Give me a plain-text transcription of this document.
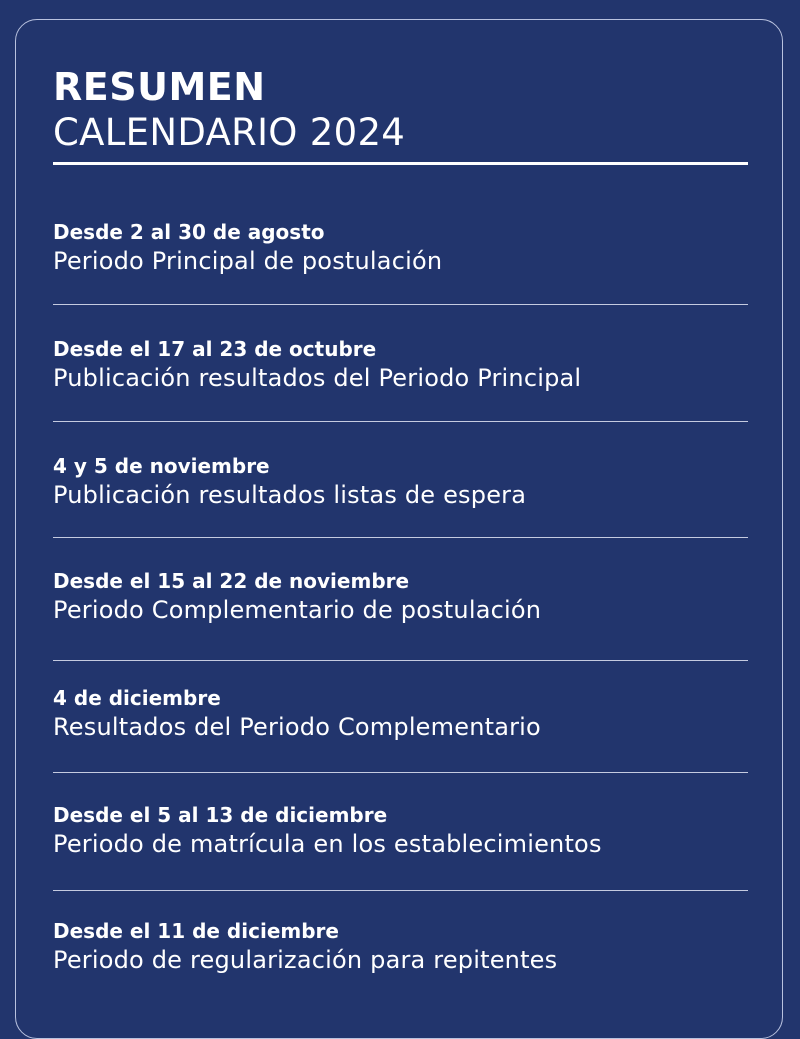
RESUMEN
CALENDARIO 2024
Desde 2 al 30 de agosto
Periodo Principal de postulación
Desde el 17 al 23 de octubre
Publicación resultados del Periodo Principal
4 y 5 de noviembre
Publicación resultados listas de espera
Desde el 15 al 22 de noviembre
Periodo Complementario de postulación
4 de diciembre
Resultados del Periodo Complementario
Desde el 5 al 13 de diciembre
Periodo de matrícula en los establecimientos
Desde el 11 de diciembre
Periodo de regularización para repitentes
